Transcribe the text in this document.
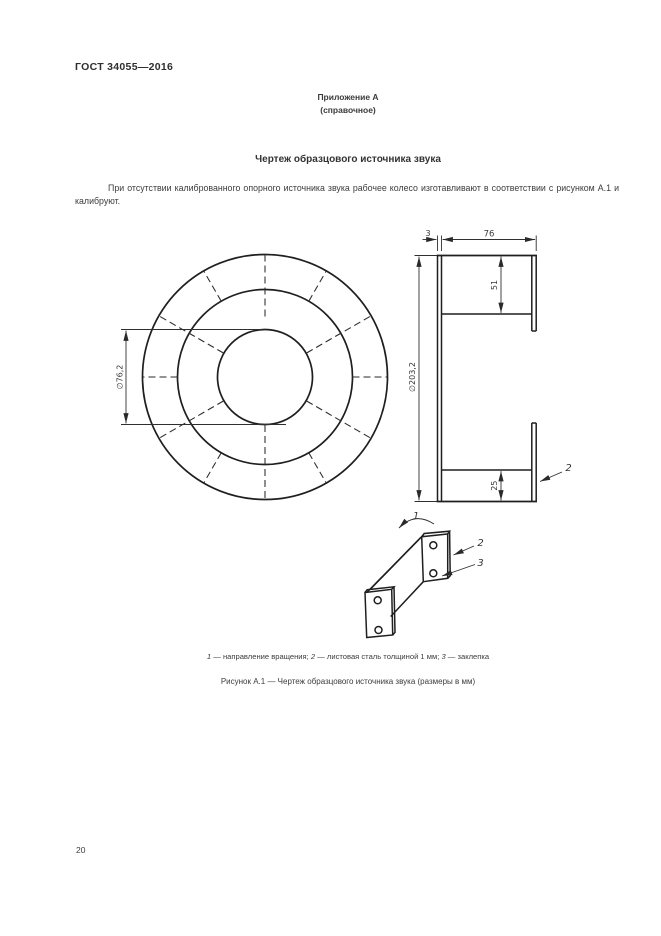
ГОСТ 34055—2016
Приложение А
(справочное)
Чертеж образцового источника звука
При отсутствии калиброванного опорного источника звука рабочее колесо изготавливают в соответствии с рисунком А.1 и калибруют.
∅76,2
3	76
51
25
∅203,2
2
1
2
3
1 — направление вращения; 2 — листовая сталь толщиной 1 мм; 3 — заклепка
Рисунок А.1 — Чертеж образцового источника звука (размеры в мм)
20
